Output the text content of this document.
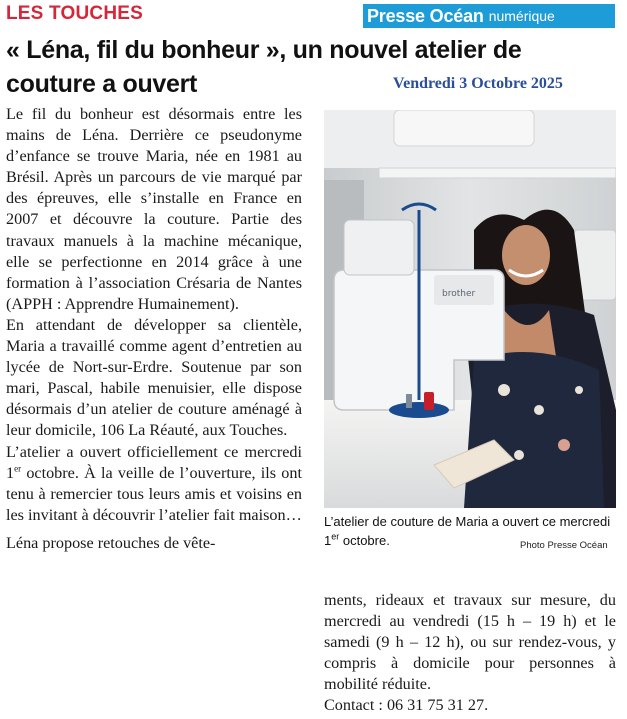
LES TOUCHES	Presse Océan numérique
« Léna, fil du bonheur », un nouvel atelier de couture a ouvert	Vendredi 3 Octobre 2025

Le fil du bonheur est désormais entre les mains de Léna. Derrière ce pseudonyme d’enfance se trouve Maria, née en 1981 au Brésil. Après un parcours de vie marqué par des épreuves, elle s’installe en France en 2007 et découvre la couture. Partie des travaux manuels à la machine mécanique, elle se perfectionne en 2014 grâce à une formation à l’association Crésaria de Nantes (APPH : Apprendre Humainement).

En attendant de développer sa clientèle, Maria a travaillé comme agent d’entretien au lycée de Nort-sur-Erdre. Soutenue par son mari, Pascal, habile menuisier, elle dispose désormais d’un atelier de couture aménagé à leur domicile, 106 La Réauté, aux Touches.

L’atelier a ouvert officiellement ce mercredi 1er octobre. À la veille de l’ouverture, ils ont tenu à remercier tous leurs amis et voisins en les invitant à découvrir l’atelier fait maison…

Léna propose retouches de vête-

brother
L’atelier de couture de Maria a ouvert ce mercredi 1er octobre.	Photo Presse Océan

ments, rideaux et travaux sur mesure, du mercredi au vendredi (15 h – 19 h) et le samedi (9 h – 12 h), ou sur rendez-vous, y compris à domicile pour personnes à mobilité réduite.

Contact : 06 31 75 31 27.
